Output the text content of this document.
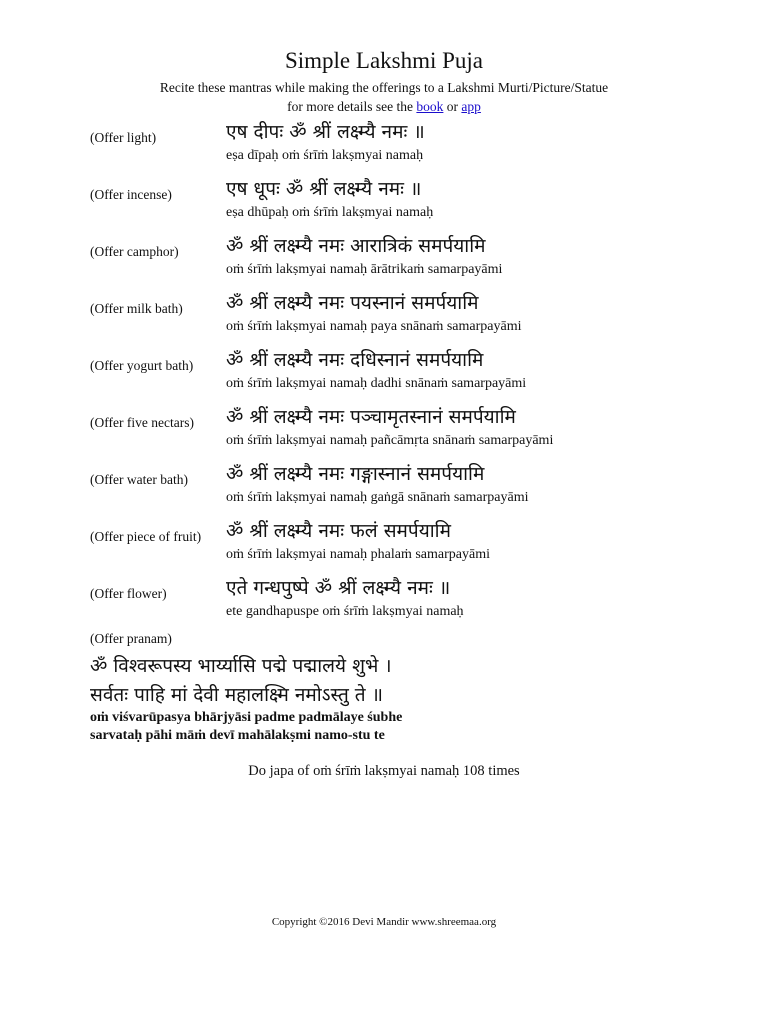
Simple Lakshmi Puja
Recite these mantras while making the offerings to a Lakshmi Murti/Picture/Statue
for more details see the book or app
(Offer light)	एष दीपः ॐ श्रीं लक्ष्म्यै नमः ॥
eṣa dīpaḥ oṁ śrīṁ lakṣmyai namaḥ
(Offer incense)	एष धूपः ॐ श्रीं लक्ष्म्यै नमः ॥
eṣa dhūpaḥ oṁ śrīṁ lakṣmyai namaḥ
(Offer camphor) ॐ श्रीं लक्ष्म्यै नमः आरात्रिकं समर्पयामि
oṁ śrīṁ lakṣmyai namaḥ ārātrikaṁ samarpayāmi
(Offer milk bath) ॐ श्रीं लक्ष्म्यै नमः पयस्नानं समर्पयामि
oṁ śrīṁ lakṣmyai namaḥ paya snānaṁ samarpayāmi
(Offer yogurt bath) ॐ श्रीं लक्ष्म्यै नमः दधिस्नानं समर्पयामि
oṁ śrīṁ lakṣmyai namaḥ dadhi snānaṁ samarpayāmi
(Offer five nectars) ॐ श्रीं लक्ष्म्यै नमः पञ्चामृतस्नानं समर्पयामि
oṁ śrīṁ lakṣmyai namaḥ pañcāmṛta snānaṁ samarpayāmi
(Offer water bath) ॐ श्रीं लक्ष्म्यै नमः गङ्गास्नानं समर्पयामि
oṁ śrīṁ lakṣmyai namaḥ gaṅgā snānaṁ samarpayāmi
(Offer piece of fruit) ॐ श्रीं लक्ष्म्यै नमः फलं समर्पयामि
oṁ śrīṁ lakṣmyai namaḥ phalaṁ samarpayāmi
(Offer flower)	एते गन्धपुष्पे ॐ श्रीं लक्ष्म्यै नमः ॥
ete gandhapuspe oṁ śrīṁ lakṣmyai namaḥ
(Offer pranam)
ॐ विश्वरूपस्य भार्य्यासि पद्मे पद्मालये शुभे ।
सर्वतः पाहि मां देवी महालक्ष्मि नमोऽस्तु ते ॥
oṁ viśvarūpasya bhārjyāsi padme padmālaye śubhe
sarvataḥ pāhi māṁ devī mahālakṣmi namo-stu te
Do japa of oṁ śrīṁ lakṣmyai namaḥ 108 times
Copyright ©2016 Devi Mandir www.shreemaa.org
